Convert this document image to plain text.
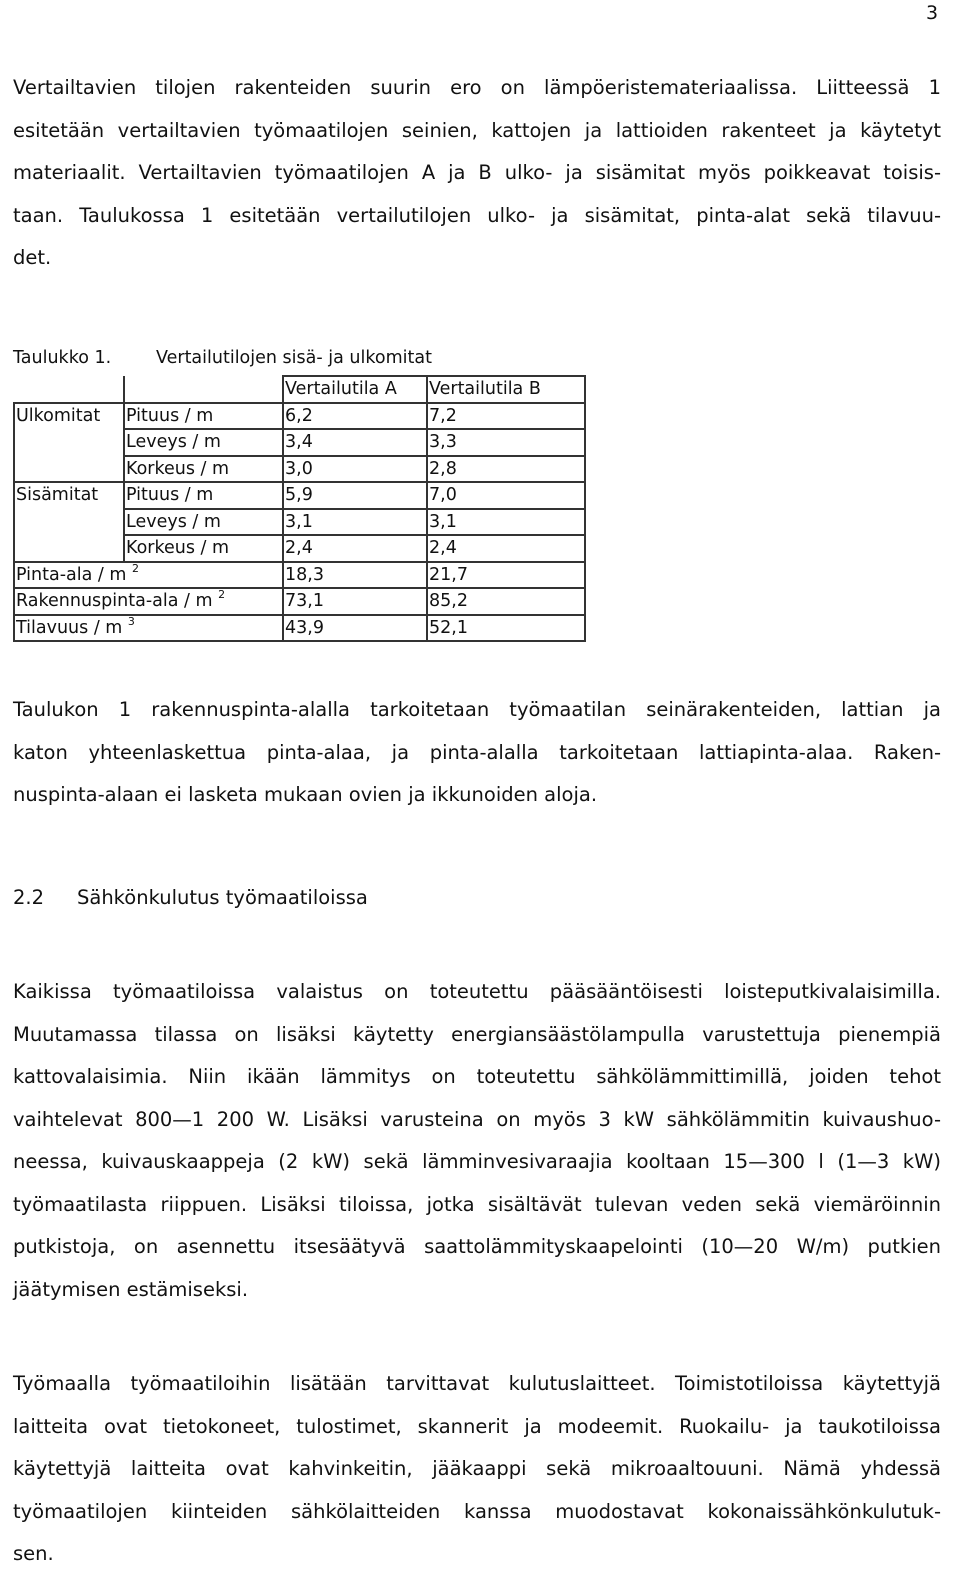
3

Vertailtavien tilojen rakenteiden suurin ero on lämpöeristemateriaalissa. Liitteessä 1
esitetään vertailtavien työmaatilojen seinien, kattojen ja lattioiden rakenteet ja käytetyt
materiaalit. Vertailtavien työmaatilojen A ja B ulko- ja sisämitat myös poikkeavat toisis-
taan. Taulukossa 1 esitetään vertailutilojen ulko- ja sisämitat, pinta-alat sekä tilavuu-
det.

Taulukko 1.	Vertailutilojen sisä- ja ulkomitat
		Vertailutila A	Vertailutila B
Ulkomitat	Pituus / m	6,2	7,2
	Leveys / m	3,4	3,3
	Korkeus / m	3,0	2,8
Sisämitat	Pituus / m	5,9	7,0
	Leveys / m	3,1	3,1
	Korkeus / m	2,4	2,4
Pinta-ala / m $^2$		18,3	21,7
Rakennuspinta-ala / m $^2$		73,1	85,2
Tilavuus / m $^3$		43,9	52,1

Taulukon 1 rakennuspinta-alalla tarkoitetaan työmaatilan seinärakenteiden, lattian ja
katon yhteenlaskettua pinta-alaa, ja pinta-alalla tarkoitetaan lattiapinta-alaa. Raken-
nuspinta-alaan ei lasketa mukaan ovien ja ikkunoiden aloja.

2.2 Sähkönkulutus työmaatiloissa

Kaikissa työmaatiloissa valaistus on toteutettu pääsääntöisesti loisteputkivalaisimilla.
Muutamassa tilassa on lisäksi käytetty energiansäästölampulla varustettuja pienempiä
kattovalaisimia. Niin ikään lämmitys on toteutettu sähkölämmittimillä, joiden tehot
vaihtelevat 800—1 200 W. Lisäksi varusteina on myös 3 kW sähkölämmitin kuivaushuo-
neessa, kuivauskaappeja (2 kW) sekä lämminvesivaraajia kooltaan 15—300 l (1—3 kW)
työmaatilasta riippuen. Lisäksi tiloissa, jotka sisältävät tulevan veden sekä viemäröinnin
putkistoja, on asennettu itsesäätyvä saattolämmityskaapelointi (10—20 W/m) putkien
jäätymisen estämiseksi.

Työmaalla työmaatiloihin lisätään tarvittavat kulutuslaitteet. Toimistotiloissa käytettyjä
laitteita ovat tietokoneet, tulostimet, skannerit ja modeemit. Ruokailu- ja taukotiloissa
käytettyjä laitteita ovat kahvinkeitin, jääkaappi sekä mikroaaltouuni. Nämä yhdessä
työmaatilojen kiinteiden sähkölaitteiden kanssa muodostavat kokonaissähkönkulutuk-
sen.
